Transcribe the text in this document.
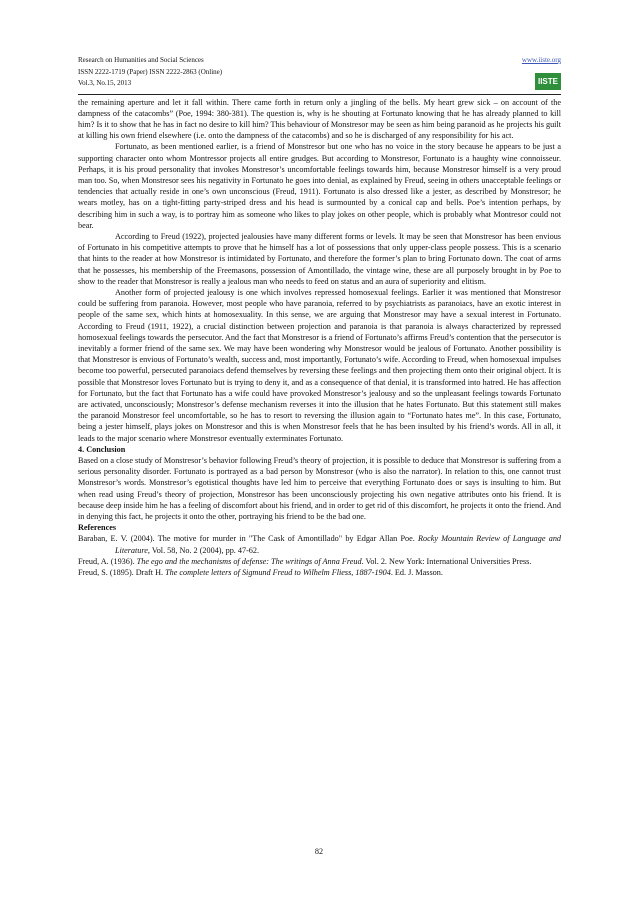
Research on Humanities and Social Sciences
ISSN 2222-1719 (Paper) ISSN 2222-2863 (Online)
Vol.3, No.15, 2013
www.iiste.org
IISTE

the remaining aperture and let it fall within. There came forth in return only a jingling of the bells. My heart grew sick – on account of the dampness of the catacombs” (Poe, 1994: 380-381). The question is, why is he shouting at Fortunato knowing that he has already planned to kill him? Is it to show that he has in fact no desire to kill him? This behaviour of Monstresor may be seen as him being paranoid as he projects his guilt at killing his own friend elsewhere (i.e. onto the dampness of the catacombs) and so he is discharged of any responsibility for his act.

Fortunato, as been mentioned earlier, is a friend of Monstresor but one who has no voice in the story because he appears to be just a supporting character onto whom Montressor projects all entire grudges. But according to Monstresor, Fortunato is a haughty wine connoisseur. Perhaps, it is his proud personality that invokes Monstresor’s uncomfortable feelings towards him, because Monstresor himself is a very proud man too. So, when Monstresor sees his negativity in Fortunato he goes into denial, as explained by Freud, seeing in others unacceptable feelings or tendencies that actually reside in one’s own unconscious (Freud, 1911). Fortunato is also dressed like a jester, as described by Monstresor; he wears motley, has on a tight-fitting party-striped dress and his head is surmounted by a conical cap and bells. Poe’s intention perhaps, by describing him in such a way, is to portray him as someone who likes to play jokes on other people, which is probably what Montresor could not bear.

According to Freud (1922), projected jealousies have many different forms or levels. It may be seen that Monstresor has been envious of Fortunato in his competitive attempts to prove that he himself has a lot of possessions that only upper-class people possess. This is a scenario that hints to the reader at how Monstresor is intimidated by Fortunato, and therefore the former’s plan to bring Fortunato down. The coat of arms that he possesses, his membership of the Freemasons, possession of Amontillado, the vintage wine, these are all purposely brought in by Poe to show to the reader that Monstresor is really a jealous man who needs to feed on status and an aura of superiority and elitism.

Another form of projected jealousy is one which involves repressed homosexual feelings. Earlier it was mentioned that Monstresor could be suffering from paranoia. However, most people who have paranoia, referred to by psychiatrists as paranoiacs, have an exotic interest in people of the same sex, which hints at homosexuality. In this sense, we are arguing that Monstresor may have a sexual interest in Fortunato. According to Freud (1911, 1922), a crucial distinction between projection and paranoia is that paranoia is always characterized by repressed homosexual feelings towards the persecutor. And the fact that Monstresor is a friend of Fortunato’s affirms Freud’s contention that the persecutor is inevitably a former friend of the same sex. We may have been wondering why Monstresor would be jealous of Fortunato. Another possibility is that Monstresor is envious of Fortunato’s wealth, success and, most importantly, Fortunato’s wife. According to Freud, when homosexual impulses become too powerful, persecuted paranoiacs defend themselves by reversing these feelings and then projecting them onto their original object. It is possible that Monstresor loves Fortunato but is trying to deny it, and as a consequence of that denial, it is transformed into hatred. He has affection for Fortunato, but the fact that Fortunato has a wife could have provoked Monstresor’s jealousy and so the unpleasant feelings towards Fortunato are activated, unconsciously; Monstresor’s defense mechanism reverses it into the illusion that he hates Fortunato. But this statement still makes the paranoid Monstresor feel uncomfortable, so he has to resort to reversing the illusion again to “Fortunato hates me”. In this case, Fortunato, being a jester himself, plays jokes on Monstresor and this is when Monstresor feels that he has been insulted by his friend’s words. All in all, it leads to the major scenario where Monstresor eventually exterminates Fortunato.

4. Conclusion

Based on a close study of Monstresor’s behavior following Freud’s theory of projection, it is possible to deduce that Monstresor is suffering from a serious personality disorder. Fortunato is portrayed as a bad person by Monstresor (who is also the narrator). In relation to this, one cannot trust Monstresor’s words. Monstresor’s egotistical thoughts have led him to perceive that everything Fortunato does or says is insulting to him. But when read using Freud’s theory of projection, Monstresor has been unconsciously projecting his own negative attributes onto his friend. It is because deep inside him he has a feeling of discomfort about his friend, and in order to get rid of this discomfort, he projects it onto the friend. And in denying this fact, he projects it onto the other, portraying his friend to be the bad one.

References

Baraban, E. V. (2004). The motive for murder in "The Cask of Amontillado" by Edgar Allan Poe. Rocky Mountain Review of Language and Literature, Vol. 58, No. 2 (2004), pp. 47-62.

Freud, A. (1936). The ego and the mechanisms of defense: The writings of Anna Freud. Vol. 2. New York: International Universities Press.

Freud, S. (1895). Draft H. The complete letters of Sigmund Freud to Wilhelm Fliess, 1887-1904. Ed. J. Masson.

82
